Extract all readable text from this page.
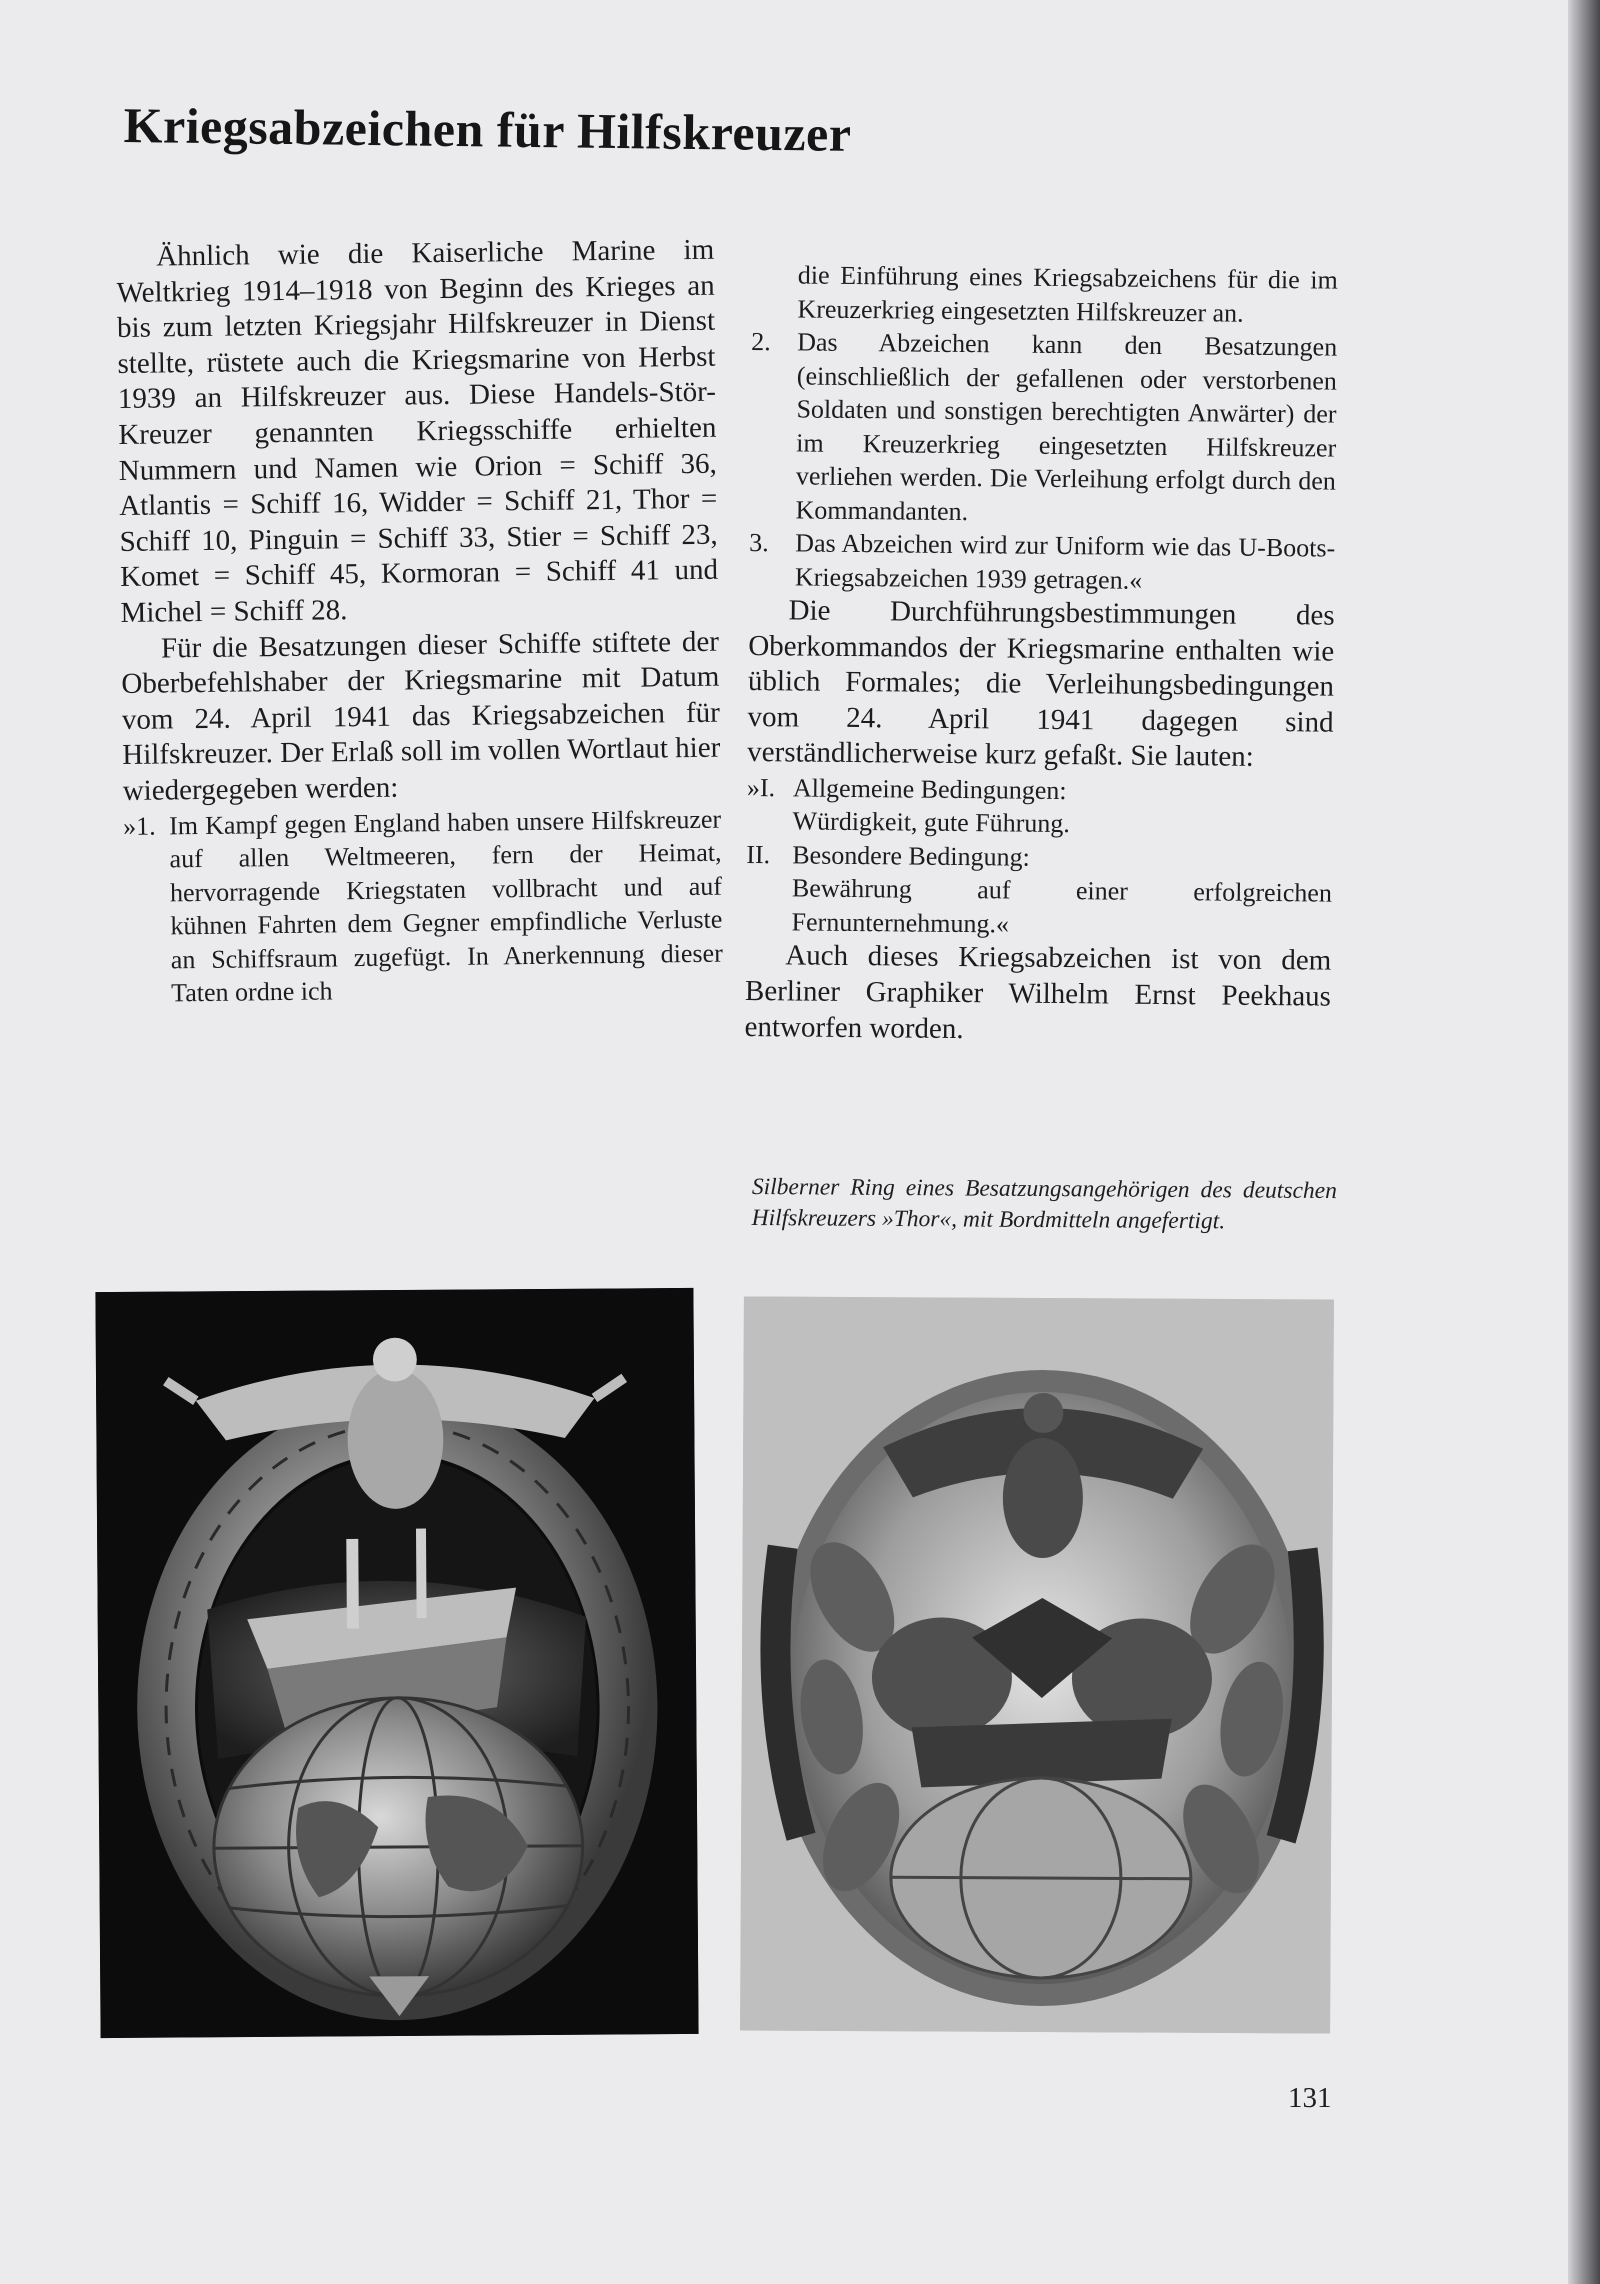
Kriegsabzeichen für Hilfskreuzer

Ähnlich wie die Kaiserliche Marine im Weltkrieg 1914–1918 von Beginn des Krieges an bis zum letzten Kriegsjahr Hilfskreuzer in Dienst stellte, rüstete auch die Kriegsmarine von Herbst 1939 an Hilfskreuzer aus. Diese Handels-Stör-Kreuzer genannten Kriegsschiffe erhielten Nummern und Namen wie Orion = Schiff 36, Atlantis = Schiff 16, Widder = Schiff 21, Thor = Schiff 10, Pinguin = Schiff 33, Stier = Schiff 23, Komet = Schiff 45, Kormoran = Schiff 41 und Michel = Schiff 28.

Für die Besatzungen dieser Schiffe stiftete der Oberbefehlshaber der Kriegsmarine mit Datum vom 24. April 1941 das Kriegsabzeichen für Hilfskreuzer. Der Erlaß soll im vollen Wortlaut hier wiedergegeben werden:

»1. Im Kampf gegen England haben unsere Hilfskreuzer auf allen Weltmeeren, fern der Heimat, hervorragende Kriegstaten vollbracht und auf kühnen Fahrten dem Gegner empfindliche Verluste an Schiffsraum zugefügt. In Anerkennung dieser Taten ordne ich
die Einführung eines Kriegsabzeichens für die im Kreuzerkrieg eingesetzten Hilfskreuzer an.
2.	Das Abzeichen kann den Besatzungen (einschließlich der gefallenen oder verstorbenen Soldaten und sonstigen berechtigten Anwärter) der im Kreuzerkrieg eingesetzten Hilfskreuzer verliehen werden. Die Verleihung erfolgt durch den Kommandanten.
3.	Das Abzeichen wird zur Uniform wie das U-Boots-Kriegsabzeichen 1939 getragen.«

Die Durchführungsbestimmungen des Oberkommandos der Kriegsmarine enthalten wie üblich Formales; die Verleihungsbedingungen vom 24. April 1941 dagegen sind verständlicherweise kurz gefaßt. Sie lauten:

»I. Allgemeine Bedingungen:
Würdigkeit, gute Führung.
II. Besondere Bedingung:
Bewährung auf einer erfolgreichen Fernunternehmung.«

Auch dieses Kriegsabzeichen ist von dem Berliner Graphiker Wilhelm Ernst Peekhaus entworfen worden.

Silberner Ring eines Besatzungsangehörigen des deutschen Hilfskreuzers »Thor«, mit Bordmitteln angefertigt.
131
